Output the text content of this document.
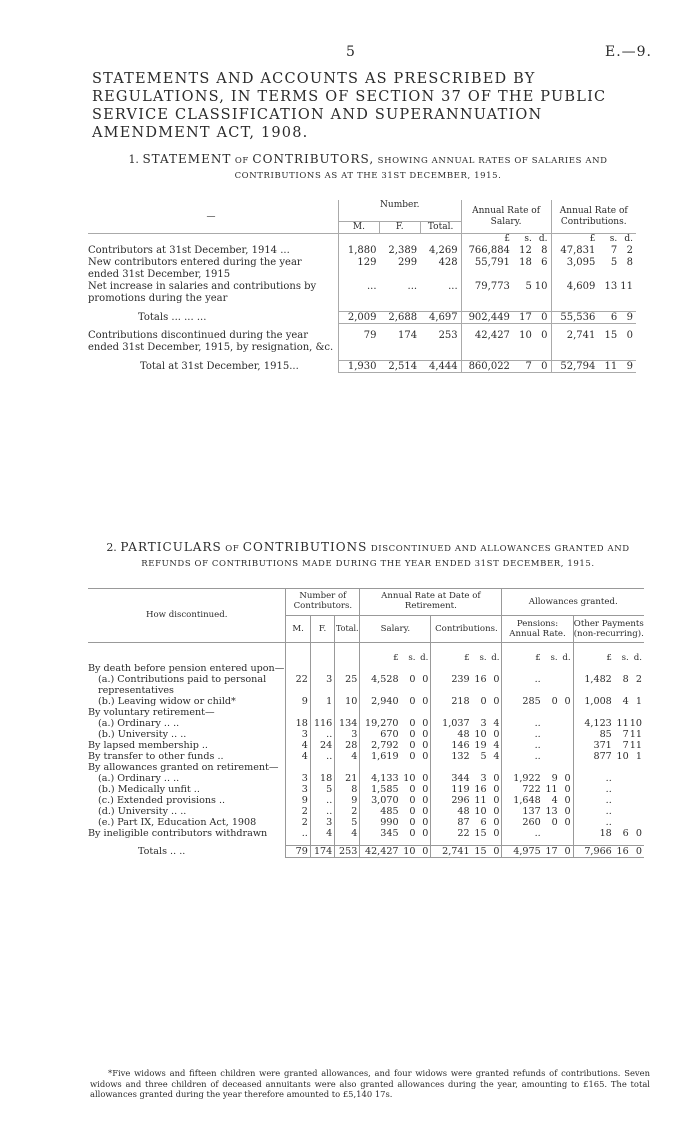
5	E.—9.
STATEMENTS AND ACCOUNTS AS PRESCRIBED BY REGULATIONS, IN TERMS OF SECTION 37 OF THE PUBLIC SERVICE CLASSIFICATION AND SUPERANNUATION AMENDMENT ACT, 1908.
1. STATEMENT OF CONTRIBUTORS, SHOWING ANNUAL RATES OF SALARIES AND CONTRIBUTIONS AS AT THE 31ST DECEMBER, 1915.
—	Number.			Annual Rate of Salary.			Annual Rate of Contributions.		
	M.	F.	Total.						
				£	s.	d.	£	s.	d.
Contributors at 31st December, 1914 ...	1,880	2,389	4,269	766,884	12	8	47,831	7	2
New contributors entered during the year ended 31st December, 1915	129	299	428	55,791	18	6	3,095	5	8
Net increase in salaries and contributions by promotions during the year	...	...	...	79,773	5	10	4,609	13	11

Totals ... ... ...	2,009	2,688	4,697	902,449	17	0	55,536	6	9

Contributions discontinued during the year ended 31st December, 1915, by resignation, &c.	79	174	253	42,427	10	0	2,741	15	0

Total at 31st December, 1915...	1,930	2,514	4,444	860,022	7	0	52,794	11	9
2. PARTICULARS OF CONTRIBUTIONS DISCONTINUED AND ALLOWANCES GRANTED AND REFUNDS OF CONTRIBUTIONS MADE DURING THE YEAR ENDED 31ST DECEMBER, 1915.
How discontinued.	Number of Contributors.			Annual Rate at Date of Retirement.						Allowances granted.					
	M.	F.	Total.	Salary.			Contributions.								
										Pensions: Annual Rate.			Other Payments (non-recurring).		

				£	s.	d.	£	s.	d.	£	s.	d.	£	s.	d.
By death before pension entered upon—															
(a.) Contributions paid to personal representatives	22	3	25	4,528	0	0	239	16	0	..			1,482	8	2
(b.) Leaving widow or child*	9	1	10	2,940	0	0	218	0	0	285	0	0	1,008	4	1
By voluntary retirement—															
(a.) Ordinary .. ..	18	116	134	19,270	0	0	1,037	3	4	..			4,123	11	10
(b.) University .. ..	3	..	3	670	0	0	48	10	0	..			85	7	11
By lapsed membership ..	4	24	28	2,792	0	0	146	19	4	..			371	7	11
By transfer to other funds ..	4	..	4	1,619	0	0	132	5	4	..			877	10	1
By allowances granted on retirement—															
(a.) Ordinary .. ..	3	18	21	4,133	10	0	344	3	0	1,922	9	0	..		
(b.) Medically unfit ..	3	5	8	1,585	0	0	119	16	0	722	11	0	..		
(c.) Extended provisions ..	9	..	9	3,070	0	0	296	11	0	1,648	4	0	..		
(d.) University .. ..	2	..	2	485	0	0	48	10	0	137	13	0	..		
(e.) Part IX, Education Act, 1908	2	3	5	990	0	0	87	6	0	260	0	0	..		
By ineligible contributors withdrawn	..	4	4	345	0	0	22	15	0	..			18	6	0

Totals .. ..	79	174	253	42,427	10	0	2,741	15	0	4,975	17	0	7,966	16	0
*Five widows and fifteen children were granted allowances, and four widows were granted refunds of contributions. Seven widows and three children of deceased annuitants were also granted allowances during the year, amounting to £165. The total allowances granted during the year therefore amounted to £5,140 17s.
